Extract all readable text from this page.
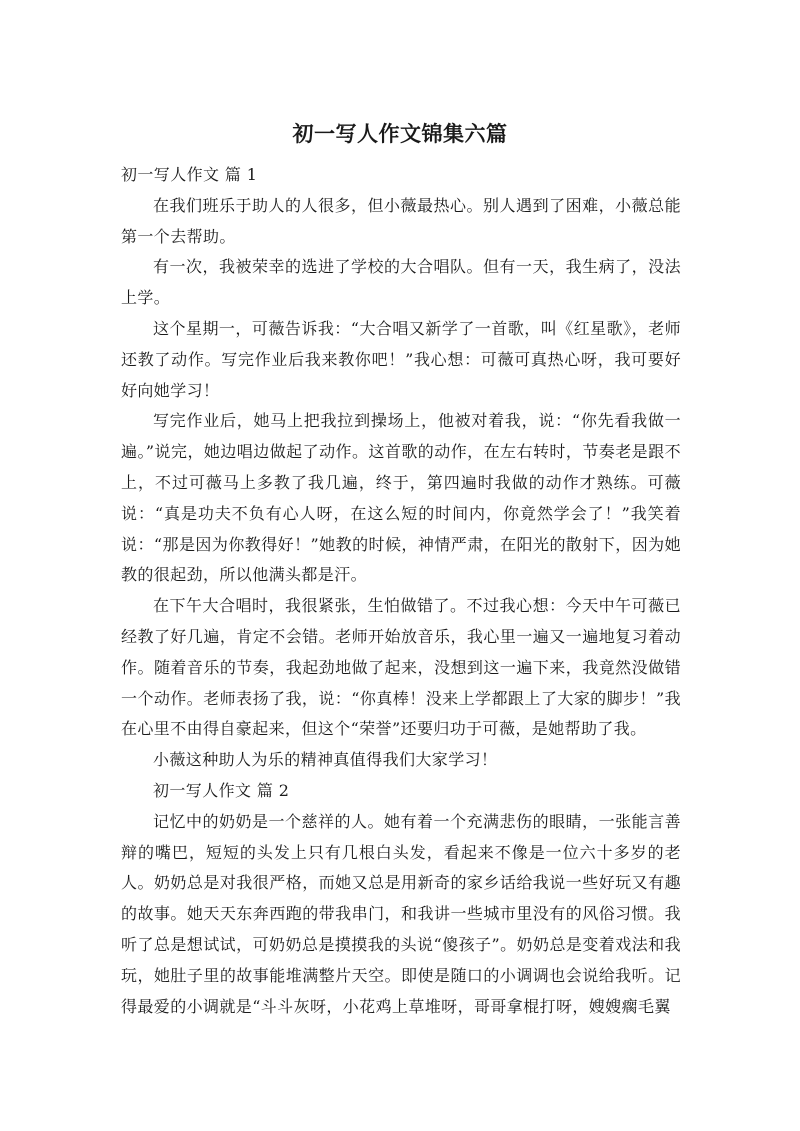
初一写人作文锦集六篇

初一写人作文 篇 1

在我们班乐于助人的人很多，但小薇最热心。别人遇到了困难，小薇总能第一个去帮助。

有一次，我被荣幸的选进了学校的大合唱队。但有一天，我生病了，没法上学。

这个星期一，可薇告诉我：“大合唱又新学了一首歌，叫《红星歌》，老师还教了动作。写完作业后我来教你吧！”我心想：可薇可真热心呀，我可要好好向她学习！

写完作业后，她马上把我拉到操场上，他被对着我，说：“你先看我做一遍。”说完，她边唱边做起了动作。这首歌的动作，在左右转时，节奏老是跟不上，不过可薇马上多教了我几遍，终于，第四遍时我做的动作才熟练。可薇说：“真是功夫不负有心人呀，在这么短的时间内，你竟然学会了！”我笑着说：“那是因为你教得好！”她教的时候，神情严肃，在阳光的散射下，因为她教的很起劲，所以他满头都是汗。

在下午大合唱时，我很紧张，生怕做错了。不过我心想：今天中午可薇已经教了好几遍，肯定不会错。老师开始放音乐，我心里一遍又一遍地复习着动作。随着音乐的节奏，我起劲地做了起来，没想到这一遍下来，我竟然没做错一个动作。老师表扬了我，说：“你真棒！没来上学都跟上了大家的脚步！”我在心里不由得自豪起来，但这个“荣誉”还要归功于可薇，是她帮助了我。

小薇这种助人为乐的精神真值得我们大家学习！

初一写人作文 篇 2

记忆中的奶奶是一个慈祥的人。她有着一个充满悲伤的眼睛，一张能言善辩的嘴巴，短短的头发上只有几根白头发，看起来不像是一位六十多岁的老人。奶奶总是对我很严格，而她又总是用新奇的家乡话给我说一些好玩又有趣的故事。她天天东奔西跑的带我串门，和我讲一些城市里没有的风俗习惯。我听了总是想试试，可奶奶总是摸摸我的头说“傻孩子”。奶奶总是变着戏法和我玩，她肚子里的故事能堆满整片天空。即使是随口的小调调也会说给我听。记得最爱的小调就是“斗斗灰呀，小花鸡上草堆呀，哥哥拿棍打呀，嫂嫂瘸毛翼
